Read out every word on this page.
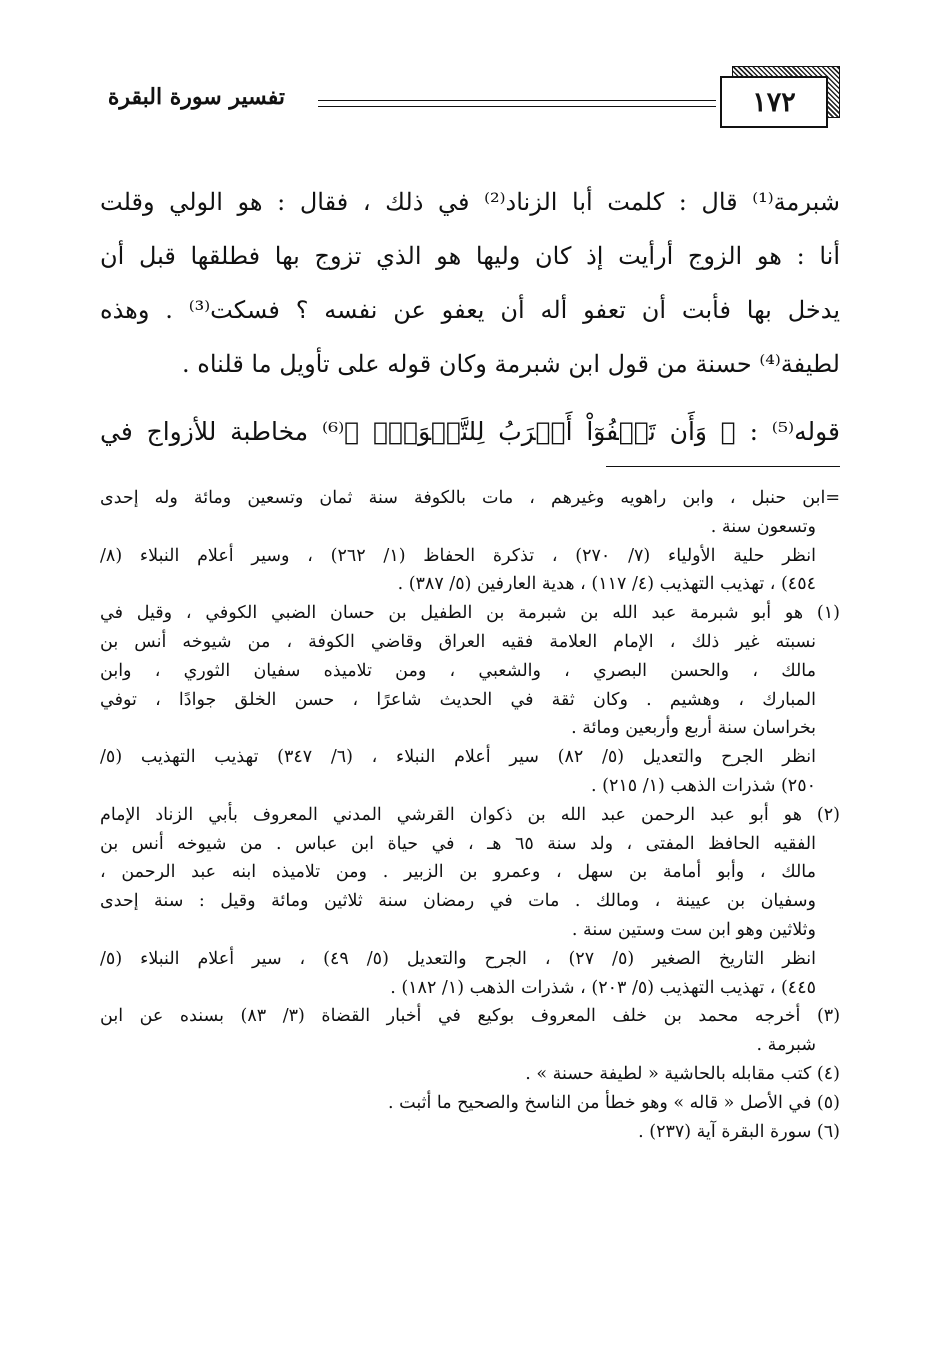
١٧٢
تفسير سورة البقرة
شبرمة⁽¹⁾ قال : كلمت أبا الزناد⁽²⁾ في ذلك ، فقال : هو الولي وقلت
أنا : هو الزوج أرأيت إذ كان وليها هو الذي تزوج بها فطلقها قبل أن
يدخل بها فأبت أن تعفو أله أن يعفو عن نفسه ؟ فسكت⁽³⁾ . وهذه
لطيفة⁽⁴⁾ حسنة من قول ابن شبرمة وكان قوله على تأويل ما قلناه .
قوله⁽⁵⁾ : ﴿ وَأَن تَعۡفُوٓاْ أَقۡرَبُ لِلتَّقۡوَىٰۚ ﴾⁽⁶⁾ مخاطبة للأزواج في
=ابن حنبل ، وابن راهويه وغيرهم ، مات بالكوفة سنة ثمان وتسعين ومائة وله إحدى
وتسعون سنة .
انظر حلية الأولياء (٧/ ٢٧٠) ، تذكرة الحفاظ (١/ ٢٦٢) ، وسير أعلام النبلاء (٨/
٤٥٤) ، تهذيب التهذيب (٤/ ١١٧) ، هدية العارفين (٥/ ٣٨٧) .
(١) هو أبو شبرمة عبد الله بن شبرمة بن الطفيل بن حسان الضبي الكوفي ، وقيل في
نسبته غير ذلك ، الإمام العلامة فقيه العراق وقاضي الكوفة ، من شيوخه أنس بن
مالك ، والحسن البصري ، والشعبي ، ومن تلاميذه سفيان الثوري ، وابن
المبارك ، وهشيم . وكان ثقة في الحديث شاعرًا ، حسن الخلق جوادًا ، توفي
بخراسان سنة أربع وأربعين ومائة .
انظر الجرح والتعديل (٥/ ٨٢) سير أعلام النبلاء ، (٦/ ٣٤٧) تهذيب التهذيب (٥/
٢٥٠) شذرات الذهب (١/ ٢١٥) .
(٢) هو أبو عبد الرحمن عبد الله بن ذكوان القرشي المدني المعروف بأبي الزناد الإمام
الفقيه الحافظ المفتى ، ولد سنة ٦٥ هـ ، في حياة ابن عباس . من شيوخه أنس بن
مالك ، وأبو أمامة بن سهل ، وعمرو بن الزبير . ومن تلاميذه ابنه عبد الرحمن ،
وسفيان بن عيينة ، ومالك . مات في رمضان سنة ثلاثين ومائة وقيل : سنة إحدى
وثلاثين وهو ابن ست وستين سنة .
انظر التاريخ الصغير (٥/ ٢٧) ، الجرح والتعديل (٥/ ٤٩) ، سير أعلام النبلاء (٥/
٤٤٥) ، تهذيب التهذيب (٥/ ٢٠٣) ، شذرات الذهب (١/ ١٨٢) .
(٣) أخرجه محمد بن خلف المعروف بوكيع في أخبار القضاة (٣/ ٨٣) بسنده عن ابن
شبرمة .
(٤) كتب مقابله بالحاشية « لطيفة حسنة » .
(٥) في الأصل « قاله » وهو خطأ من الناسخ والصحيح ما أثبت .
(٦) سورة البقرة آية (٢٣٧) .
